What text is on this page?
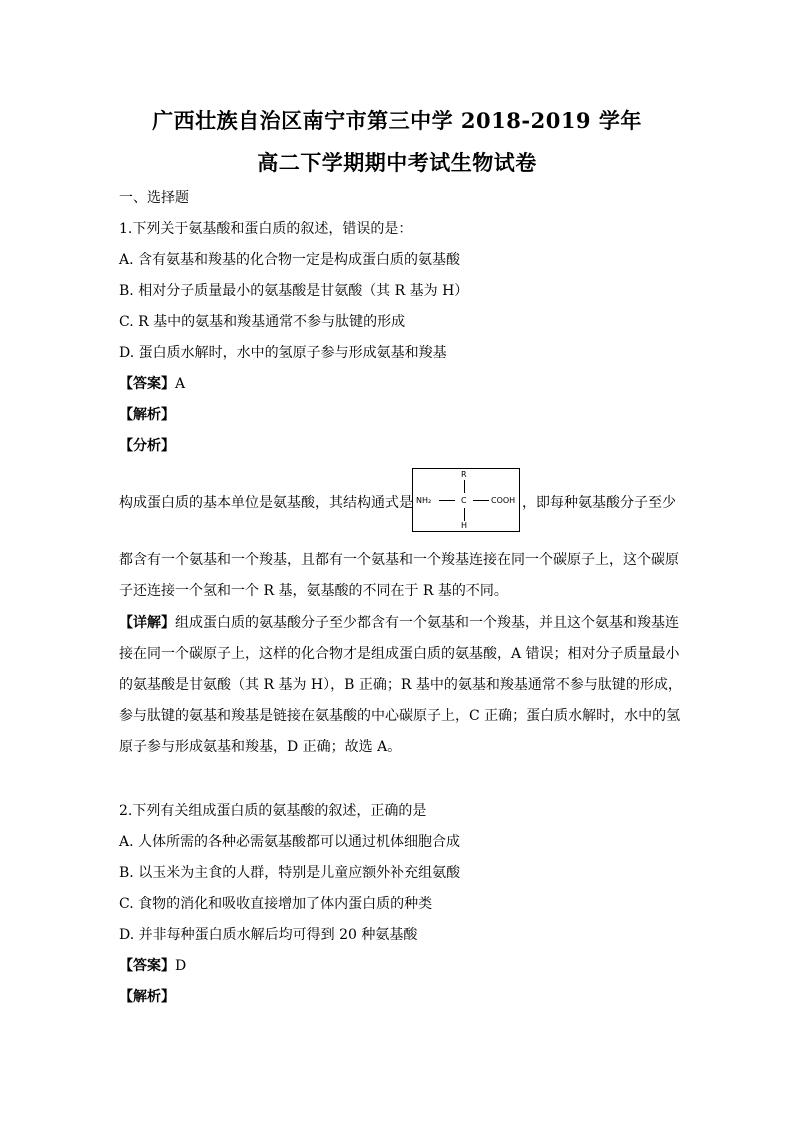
广西壮族自治区南宁市第三中学 2018-2019 学年
高二下学期期中考试生物试卷
一、选择题
1.下列关于氨基酸和蛋白质的叙述，错误的是：
A. 含有氨基和羧基的化合物一定是构成蛋白质的氨基酸
B. 相对分子质量最小的氨基酸是甘氨酸（其 R 基为 H）
C. R 基中的氨基和羧基通常不参与肽键的形成
D. 蛋白质水解时，水中的氢原子参与形成氨基和羧基
【答案】A
【解析】
【分析】
构成蛋白质的基本单位是氨基酸，其结构通式是
R
NH₂	C	COOH
H
，即每种氨基酸分子至少
都含有一个氨基和一个羧基，且都有一个氨基和一个羧基连接在同一个碳原子上，这个碳原
子还连接一个氢和一个 R 基，氨基酸的不同在于 R 基的不同。
【详解】组成蛋白质的氨基酸分子至少都含有一个氨基和一个羧基，并且这个氨基和羧基连
接在同一个碳原子上，这样的化合物才是组成蛋白质的氨基酸，A 错误；相对分子质量最小
的氨基酸是甘氨酸（其 R 基为 H），B 正确；R 基中的氨基和羧基通常不参与肽键的形成，
参与肽键的氨基和羧基是链接在氨基酸的中心碳原子上，C 正确；蛋白质水解时，水中的氢
原子参与形成氨基和羧基，D 正确；故选 A。
2.下列有关组成蛋白质的氨基酸的叙述，正确的是
A. 人体所需的各种必需氨基酸都可以通过机体细胞合成
B. 以玉米为主食的人群，特别是儿童应额外补充组氨酸
C. 食物的消化和吸收直接增加了体内蛋白质的种类
D. 并非每种蛋白质水解后均可得到 20 种氨基酸
【答案】D
【解析】
